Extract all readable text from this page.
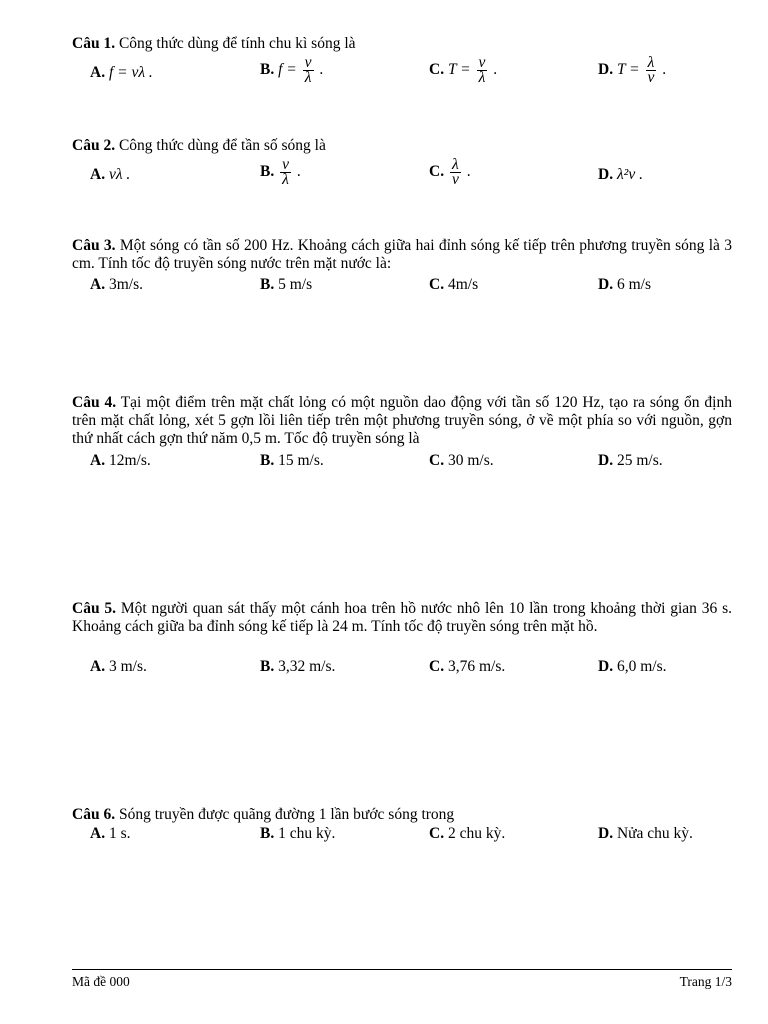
Câu 1. Công thức dùng để tính chu kì sóng là
A. f = vλ .	B. $f = \frac{v}{\lambda}$ .	C. $T = \frac{v}{\lambda}$ .	D. $T = \frac{\lambda}{v}$ .
Câu 2. Công thức dùng để tần số sóng là
A. vλ .	B. $\frac{v}{\lambda}$ .	C. $\frac{\lambda}{v}$ .	D. λ²v .
Câu 3. Một sóng có tần số 200 Hz. Khoảng cách giữa hai đỉnh sóng kế tiếp trên phương truyền sóng là 3 cm. Tính tốc độ truyền sóng nước trên mặt nước là:
A. 3m/s.	B. 5 m/s	C. 4m/s	D. 6 m/s
Câu 4. Tại một điểm trên mặt chất lỏng có một nguồn dao động với tần số 120 Hz, tạo ra sóng ổn định trên mặt chất lỏng, xét 5 gợn lồi liên tiếp trên một phương truyền sóng, ở về một phía so với nguồn, gợn thứ nhất cách gợn thứ năm 0,5 m. Tốc độ truyền sóng là
A. 12m/s.	B. 15 m/s.	C. 30 m/s.	D. 25 m/s.
Câu 5. Một người quan sát thấy một cánh hoa trên hồ nước nhô lên 10 lần trong khoảng thời gian 36 s. Khoảng cách giữa ba đỉnh sóng kế tiếp là 24 m. Tính tốc độ truyền sóng trên mặt hồ.
A. 3 m/s.	B. 3,32 m/s.	C. 3,76 m/s.	D. 6,0 m/s.
Câu 6. Sóng truyền được quãng đường 1 lần bước sóng trong
A. 1 s.	B. 1 chu kỳ.	C. 2 chu kỳ.	D. Nửa chu kỳ.
Mã đề 000	Trang 1/3
